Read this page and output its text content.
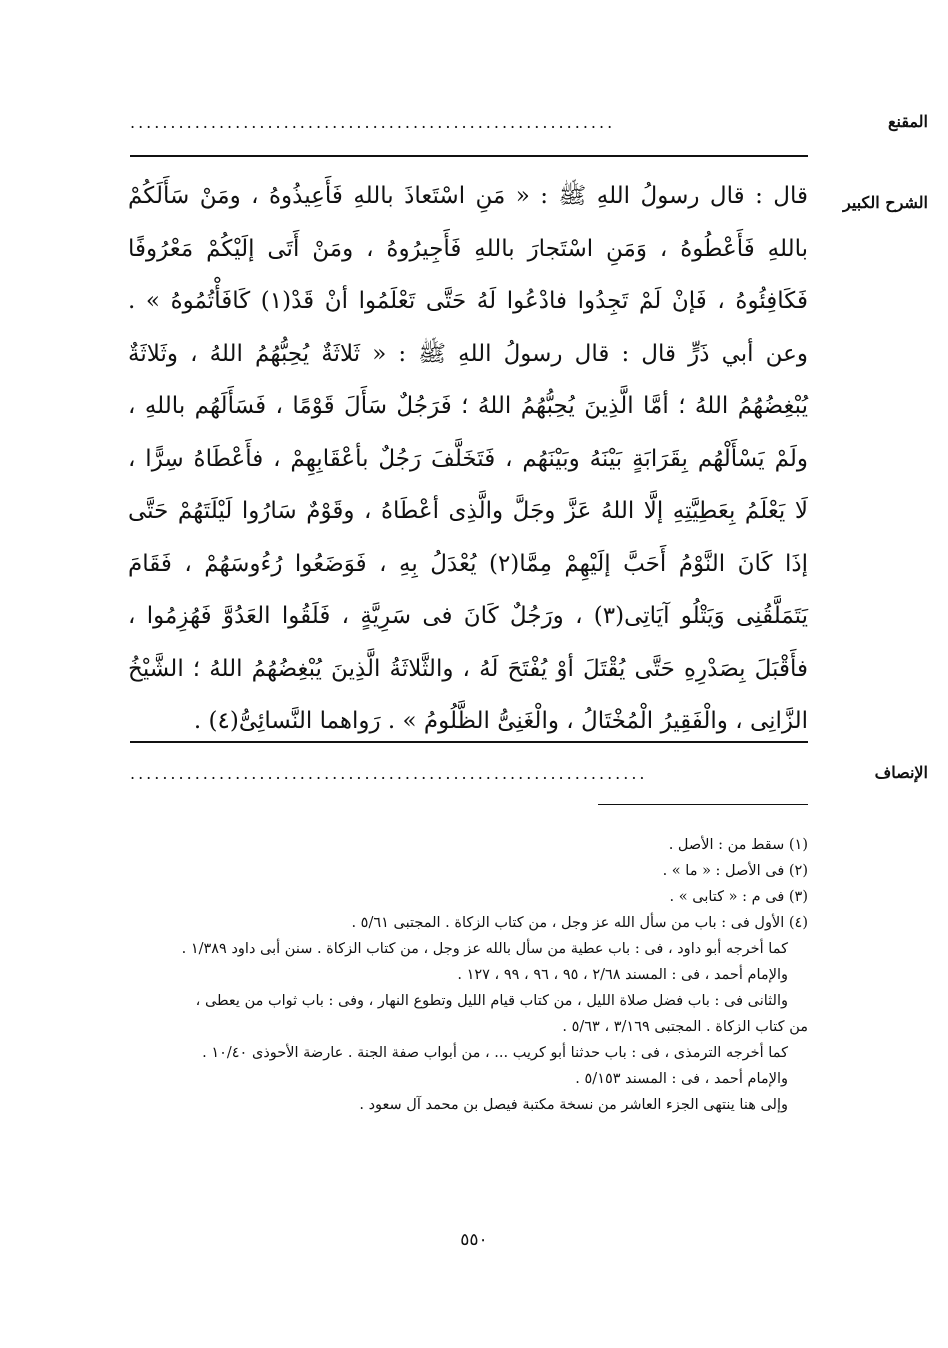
المقنع
............................................................
الشرح الكبير
قال : قال رسولُ اللهِ ﷺ : « مَنِ اسْتَعاذَ باللهِ فَأَعِيذُوهُ ، ومَنْ سَأَلَكُمْ
باللهِ فَأَعْطُوهُ ، وَمَنِ اسْتَجارَ باللهِ فَأَجِيرُوهُ ، ومَنْ أَتَى إلَيْكُمْ مَعْرُوفًا
فَكَافِئُوهُ ، فَإنْ لَمْ تَجِدُوا فادْعُوا لَهُ حَتَّى تَعْلَمُوا أنْ قَدْ(١) كَافَأْتُمُوهُ » .
وعن أبي ذَرٍّ قال : قال رسولُ اللهِ ﷺ : « ثَلاثَةٌ يُحِبُّهُمُ اللهُ ، وثَلاثَةٌ
يُبْغِضُهُمُ اللهُ ؛ أمَّا الَّذِينَ يُحِبُّهُمُ اللهُ ؛ فَرَجُلٌ سَأَلَ قَوْمًا ، فَسَأَلَهُم باللهِ ،
ولَمْ يَسْأَلْهُم بِقَرَابَةٍ بَيْنَهُ وبَيْنَهُم ، فَتَخَلَّفَ رَجُلٌ بأعْقَابِهِمْ ، فأَعْطَاهُ سِرًّا ،
لَا يَعْلَمُ بِعَطِيَّتِهِ إلَّا اللهُ عَزَّ وجَلَّ والَّذِى أعْطَاهُ ، وقَوْمٌ سَارُوا لَيْلَتَهُمْ حَتَّى
إذَا كَانَ النَّوْمُ أَحَبَّ إلَيْهِمْ مِمَّا(٢) يُعْدَلُ بِهِ ، فَوَضَعُوا رُءُوسَهُمْ ، فَقَامَ
يَتَمَلَّقُنِى وَيَتْلُو آيَاتِى(٣) ، ورَجُلٌ كَانَ فى سَرِيَّةٍ ، فَلَقُوا العَدُوَّ فَهُزِمُوا ،
فأَقْبَلَ بِصَدْرِهِ حَتَّى يُقْتَلَ أوْ يُفْتَحَ لَهُ ، والثَّلاثَةُ الَّذِينَ يُبْغِضُهُمُ اللهُ ؛ الشَّيْخُ
الزَّانِى ، والْفَقِيرُ الْمُخْتَالُ ، والْغَنِىُّ الظَّلُومُ » . رَواهما النَّسائِىُّ(٤) .
الإنصاف
................................................................
(١) سقط من : الأصل .
(٢) فى الأصل : « ما » .
(٣) فى م : « كتابى » .
(٤) الأول فى : باب من سأل الله عز وجل ، من كتاب الزكاة . المجتبى ٥/٦١ .
كما أخرجه أبو داود ، فى : باب عطية من سأل بالله عز وجل ، من كتاب الزكاة . سنن أبى داود ١/٣٨٩ .
والإمام أحمد ، فى : المسند ٢/٦٨ ، ٩٥ ، ٩٦ ، ٩٩ ، ١٢٧ .
والثانى فى : باب فضل صلاة الليل ، من كتاب قيام الليل وتطوع النهار ، وفى : باب ثواب من يعطى ،
من كتاب الزكاة . المجتبى ٣/١٦٩ ، ٥/٦٣ .
كما أخرجه الترمذى ، فى : باب حدثنا أبو كريب ... ، من أبواب صفة الجنة . عارضة الأحوذى ١٠/٤٠ .
والإمام أحمد ، فى : المسند ٥/١٥٣ .
وإلى هنا ينتهى الجزء العاشر من نسخة مكتبة فيصل بن محمد آل سعود .
٥٥٠
